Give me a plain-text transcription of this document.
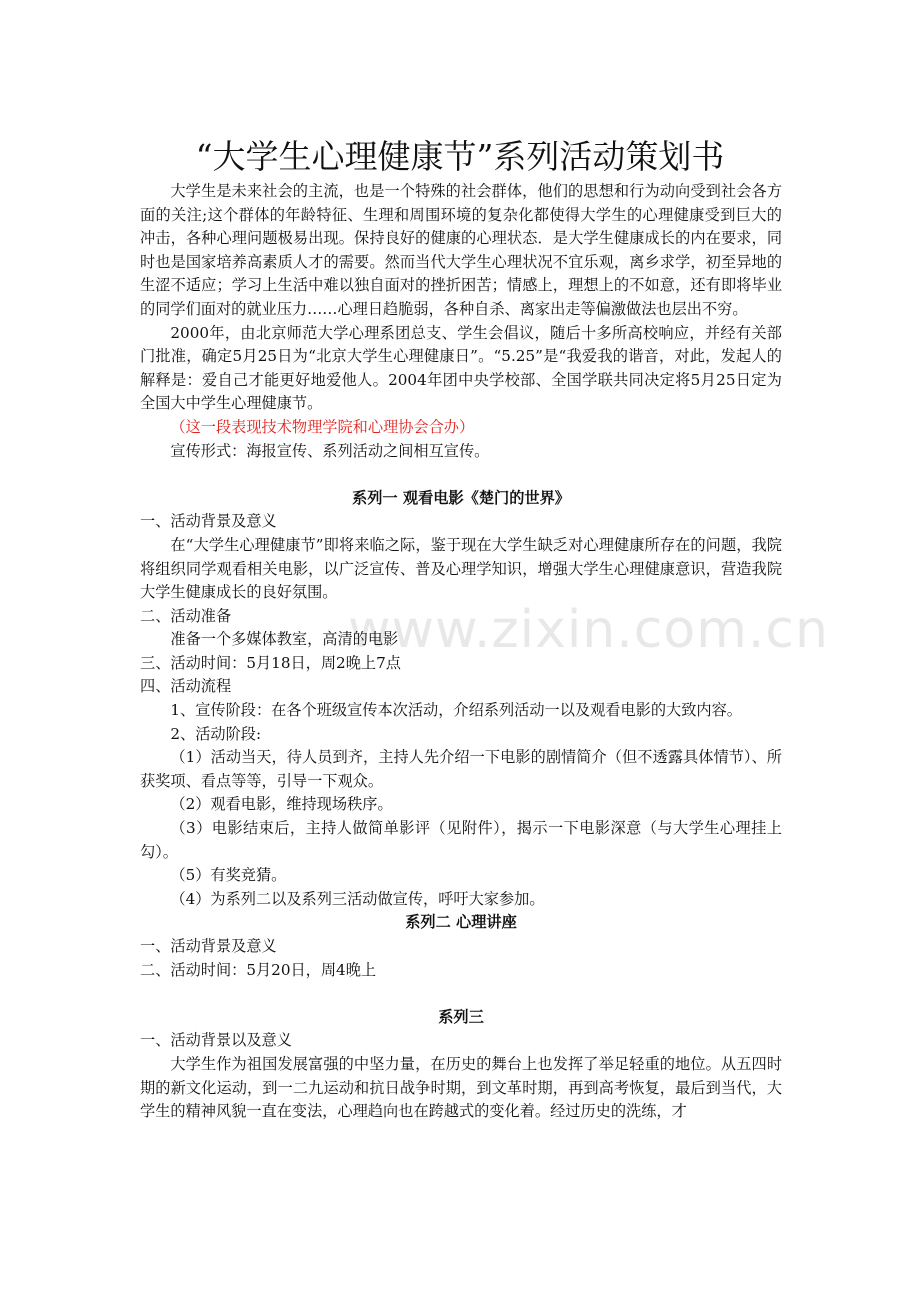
www.zixin.com.cn
“大学生心理健康节”系列活动策划书

大学生是未来社会的主流，也是一个特殊的社会群体，他们的思想和行为动向受到社会各方面的关注;这个群体的年龄特征、生理和周围环境的复杂化都使得大学生的心理健康受到巨大的冲击，各种心理问题极易出现。保持良好的健康的心理状态．是大学生健康成长的内在要求，同时也是国家培养高素质人才的需要。然而当代大学生心理状况不宜乐观，离乡求学，初至异地的生涩不适应；学习上生活中难以独自面对的挫折困苦；情感上，理想上的不如意，还有即将毕业的同学们面对的就业压力……心理日趋脆弱，各种自杀、离家出走等偏激做法也层出不穷。

2000年，由北京师范大学心理系团总支、学生会倡议，随后十多所高校响应，并经有关部门批准，确定5月25日为“北京大学生心理健康日”。“5.25”是“我爱我的谐音，对此，发起人的解释是：爱自己才能更好地爱他人。2004年团中央学校部、全国学联共同决定将5月25日定为全国大中学生心理健康节。

（这一段表现技术物理学院和心理协会合办）

宣传形式：海报宣传、系列活动之间相互宣传。

系列一 观看电影《楚门的世界》

一、活动背景及意义

在“大学生心理健康节”即将来临之际，鉴于现在大学生缺乏对心理健康所存在的问题，我院将组织同学观看相关电影，以广泛宣传、普及心理学知识，增强大学生心理健康意识，营造我院大学生健康成长的良好氛围。

二、活动准备

准备一个多媒体教室，高清的电影

三、活动时间：5月18日，周2晚上7点

四、活动流程

1、宣传阶段：在各个班级宣传本次活动，介绍系列活动一以及观看电影的大致内容。

2、活动阶段:

（1）活动当天，待人员到齐，主持人先介绍一下电影的剧情简介（但不透露具体情节）、所获奖项、看点等等，引导一下观众。

（2）观看电影，维持现场秩序。

（3）电影结束后，主持人做简单影评（见附件），揭示一下电影深意（与大学生心理挂上勾）。

（5）有奖竞猜。

（4）为系列二以及系列三活动做宣传，呼吁大家参加。

系列二 心理讲座

一、活动背景及意义

二、活动时间：5月20日，周4晚上

系列三

一、活动背景以及意义

大学生作为祖国发展富强的中坚力量，在历史的舞台上也发挥了举足轻重的地位。从五四时期的新文化运动，到一二九运动和抗日战争时期，到文革时期，再到高考恢复，最后到当代，大学生的精神风貌一直在变法，心理趋向也在跨越式的变化着。经过历史的洗练，才
